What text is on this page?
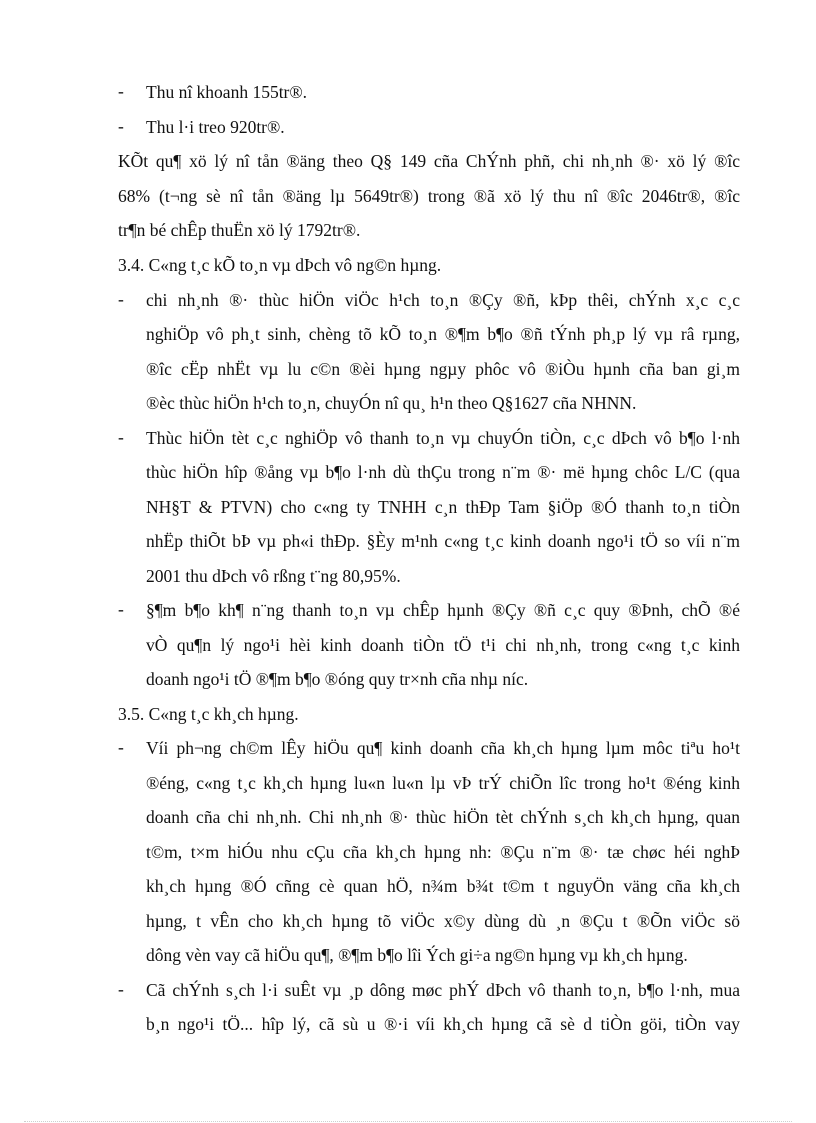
-	Thu nî khoanh 155tr®.
-	Thu l·i treo 920tr®.
KÕt qu¶ xö lý nî tån ®äng theo Q§ 149 cña ChÝnh phñ, chi nh¸nh ®· xö lý ®îc
68% (t¬ng sè nî tån ®äng lµ 5649tr®) trong ®ã xö lý thu nî ®îc 2046tr®, ®îc
tr¶n bé chÊp thuËn xö lý 1792tr®.
3.4. C«ng t¸c kÕ to¸n vµ dÞch vô ng©n hµng.
-	chi nh¸nh ®· thùc hiÖn viÖc h¹ch to¸n ®Çy ®ñ, kÞp thêi, chÝnh x¸c c¸c
nghiÖp vô ph¸t sinh, chèng tõ kÕ to¸n ®¶m b¶o ®ñ tÝnh ph¸p lý vµ râ rµng,
®îc cËp nhËt vµ lu c©n ®èi hµng ngµy phôc vô ®iÒu hµnh cña ban gi¸m
®èc thùc hiÖn h¹ch to¸n, chuyÓn nî qu¸ h¹n theo Q§1627 cña NHNN.
-	Thùc hiÖn tèt c¸c nghiÖp vô thanh to¸n vµ chuyÓn tiÒn, c¸c dÞch vô b¶o l·nh
thùc hiÖn hîp ®ång vµ b¶o l·nh dù thÇu trong n¨m ®· më hµng chôc L/C (qua
NH§T & PTVN) cho c«ng ty TNHH c¸n thÐp Tam §iÖp ®Ó thanh to¸n tiÒn
nhËp thiÕt bÞ vµ ph«i thÐp. §Èy m¹nh c«ng t¸c kinh doanh ngo¹i tÖ so víi n¨m
2001 thu dÞch vô rßng t¨ng 80,95%.
-	§¶m b¶o kh¶ n¨ng thanh to¸n vµ chÊp hµnh ®Çy ®ñ c¸c quy ®Þnh, chÕ ®é
vÒ qu¶n lý ngo¹i hèi kinh doanh tiÒn tÖ t¹i chi nh¸nh, trong c«ng t¸c kinh
doanh ngo¹i tÖ ®¶m b¶o ®óng quy tr×nh cña nhµ níc.
3.5. C«ng t¸c kh¸ch hµng.
-	Víi ph¬ng ch©m lÊy hiÖu qu¶ kinh doanh cña kh¸ch hµng lµm môc tiªu ho¹t
®éng, c«ng t¸c kh¸ch hµng lu«n lu«n lµ vÞ trÝ chiÕn lîc trong ho¹t ®éng kinh
doanh cña chi nh¸nh. Chi nh¸nh ®· thùc hiÖn tèt chÝnh s¸ch kh¸ch hµng, quan
t©m, t×m hiÓu nhu cÇu cña kh¸ch hµng nh: ®Çu n¨m ®· tæ chøc héi nghÞ
kh¸ch hµng ®Ó cñng cè quan hÖ, n¾m b¾t t©m t nguyÖn väng cña kh¸ch
hµng, t vÊn cho kh¸ch hµng tõ viÖc x©y dùng dù ¸n ®Çu t ®Õn viÖc sö
dông vèn vay cã hiÖu qu¶, ®¶m b¶o lîi Ých gi÷a ng©n hµng vµ kh¸ch hµng.
-	Cã chÝnh s¸ch l·i suÊt vµ ¸p dông møc phÝ dÞch vô thanh to¸n, b¶o l·nh, mua
b¸n ngo¹i tÖ... hîp lý, cã sù u ®·i víi kh¸ch hµng cã sè d tiÒn göi, tiÒn vay
